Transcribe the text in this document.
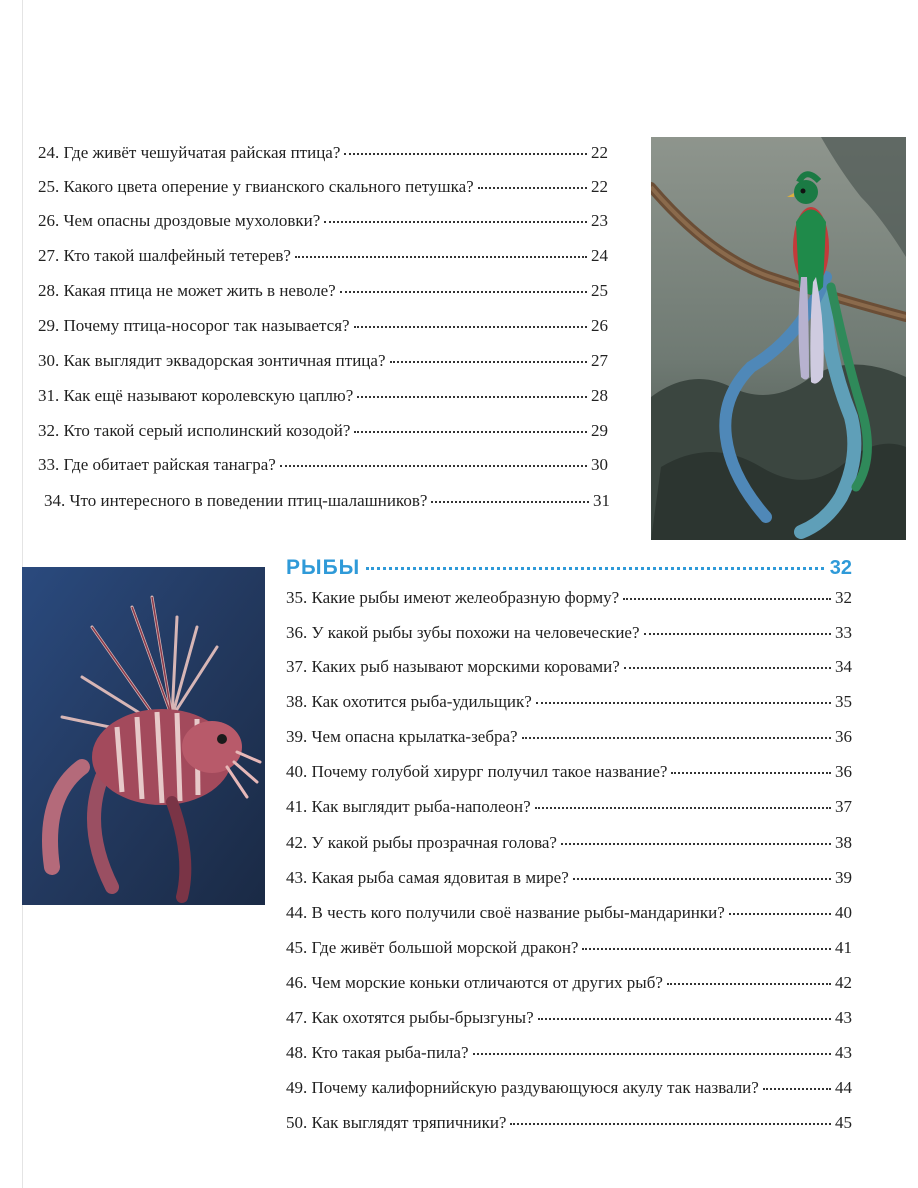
24. Где живёт чешуйчатая райская птица?	22
25. Какого цвета оперение у гвианского скального петушка?	22
26. Чем опасны дроздовые мухоловки?	23
27. Кто такой шалфейный тетерев?	24
28. Какая птица не может жить в неволе?	25
29. Почему птица-носорог так называется?	26
30. Как выглядит эквадорская зонтичная птица?	27
31. Как ещё называют королевскую цаплю?	28
32. Кто такой серый исполинский козодой?	29
33. Где обитает райская танагра?	30
34. Что интересного в поведении птиц-шалашников?	31
РЫБЫ	32
35. Какие рыбы имеют желеобразную форму?	32
36. У какой рыбы зубы похожи на человеческие?	33
37. Каких рыб называют морскими коровами?	34
38. Как охотится рыба-удильщик?	35
39. Чем опасна крылатка-зебра?	36
40. Почему голубой хирург получил такое название?	36
41. Как выглядит рыба-наполеон?	37
42. У какой рыбы прозрачная голова?	38
43. Какая рыба самая ядовитая в мире?	39
44. В честь кого получили своё название рыбы-мандаринки?	40
45. Где живёт большой морской дракон?	41
46. Чем морские коньки отличаются от других рыб?	42
47. Как охотятся рыбы-брызгуны?	43
48. Кто такая рыба-пила?	43
49. Почему калифорнийскую раздувающуюся акулу так назвали?	44
50. Как выглядят тряпичники?	45
